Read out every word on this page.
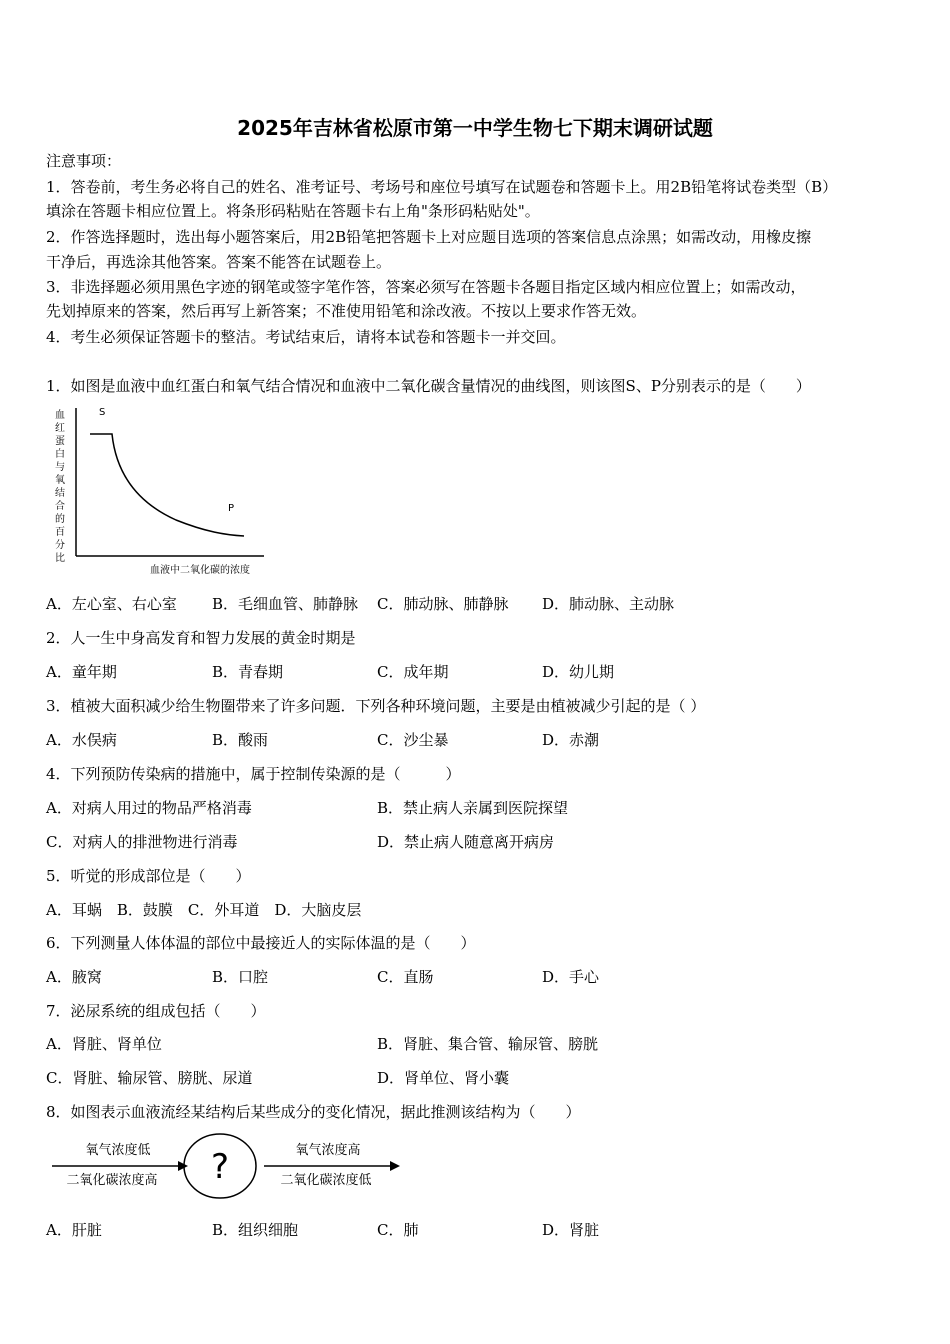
2025年吉林省松原市第一中学生物七下期末调研试题
注意事项：
1．答卷前，考生务必将自己的姓名、准考证号、考场号和座位号填写在试题卷和答题卡上。用2B铅笔将试卷类型（B）
填涂在答题卡相应位置上。将条形码粘贴在答题卡右上角"条形码粘贴处"。
2．作答选择题时，选出每小题答案后，用2B铅笔把答题卡上对应题目选项的答案信息点涂黑；如需改动，用橡皮擦
干净后，再选涂其他答案。答案不能答在试题卷上。
3．非选择题必须用黑色字迹的钢笔或签字笔作答，答案必须写在答题卡各题目指定区域内相应位置上；如需改动，
先划掉原来的答案，然后再写上新答案；不准使用铅笔和涂改液。不按以上要求作答无效。
4．考生必须保证答题卡的整洁。考试结束后，请将本试卷和答题卡一并交回。
1．如图是血液中血红蛋白和氧气结合情况和血液中二氧化碳含量情况的曲线图，则该图S、P分别表示的是（　　）
血
红
蛋
白
与
氧
结
合
的
百
分
比
S
P
血液中二氧化碳的浓度
A．左心室、右心室 B．毛细血管、肺静脉 C．肺动脉、肺静脉 D．肺动脉、主动脉
2．人一生中身高发育和智力发展的黄金时期是
A．童年期	B．青春期	C．成年期	D．幼儿期
3．植被大面积减少给生物圈带来了许多问题．下列各种环境问题，主要是由植被减少引起的是（ ）
A．水俣病	B．酸雨	C．沙尘暴	D．赤潮
4．下列预防传染病的措施中，属于控制传染源的是（　　　）
A．对病人用过的物品严格消毒	B．禁止病人亲属到医院探望
C．对病人的排泄物进行消毒	D．禁止病人随意离开病房
5．听觉的形成部位是（　　）
A．耳蜗　B．鼓膜　C．外耳道　D．大脑皮层
6．下列测量人体体温的部位中最接近人的实际体温的是（　　）
A．腋窝	B．口腔	C．直肠	D．手心
7．泌尿系统的组成包括（　　）
A．肾脏、肾单位	B．肾脏、集合管、输尿管、膀胱
C．肾脏、输尿管、膀胱、尿道	D．肾单位、肾小囊
8．如图表示血液流经某结构后某些成分的变化情况，据此推测该结构为（　　）
氧气浓度低
二氧化碳浓度高 ?	氧气浓度高
二氧化碳浓度低
A．肝脏	B．组织细胞	C．肺	D．肾脏
